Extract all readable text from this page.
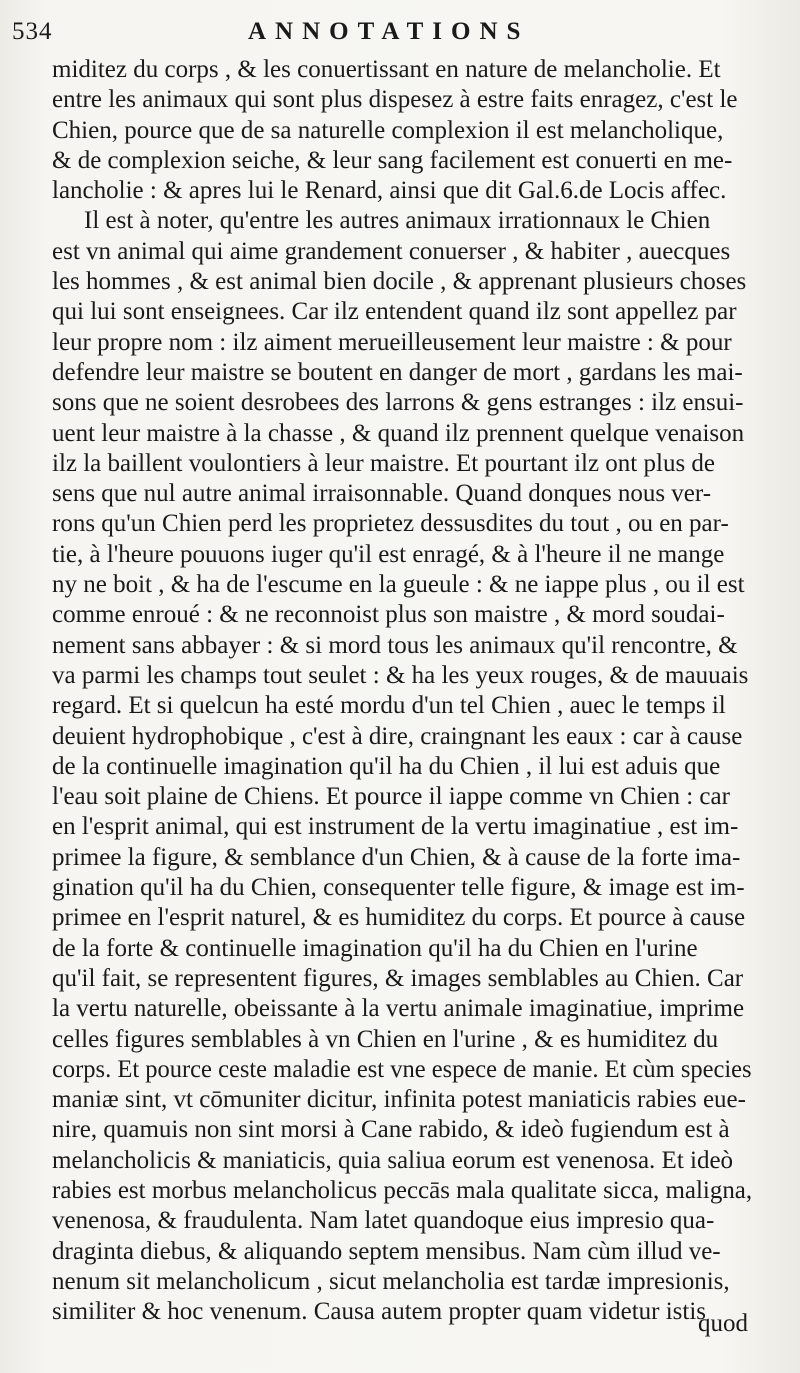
534	ANNOTATIONS
miditez du corps , & les conuertissant en nature de melancholie. Et
entre les animaux qui sont plus dispesez à estre faits enragez, c'est le
Chien, pource que de sa naturelle complexion il est melancholique,
& de complexion seiche, & leur sang facilement est conuerti en me-
lancholie : & apres lui le Renard, ainsi que dit Gal.6.de Locis affec.
Il est à noter, qu'entre les autres animaux irrationnaux le Chien
est vn animal qui aime grandement conuerser , & habiter , auecques
les hommes , & est animal bien docile , & apprenant plusieurs choses
qui lui sont enseignees. Car ilz entendent quand ilz sont appellez par
leur propre nom : ilz aiment merueilleusement leur maistre : & pour
defendre leur maistre se boutent en danger de mort , gardans les mai-
sons que ne soient desrobees des larrons & gens estranges : ilz ensui-
uent leur maistre à la chasse , & quand ilz prennent quelque venaison
ilz la baillent voulontiers à leur maistre. Et pourtant ilz ont plus de
sens que nul autre animal irraisonnable. Quand donques nous ver-
rons qu'un Chien perd les proprietez dessusdites du tout , ou en par-
tie, à l'heure pouuons iuger qu'il est enragé, & à l'heure il ne mange
ny ne boit , & ha de l'escume en la gueule : & ne iappe plus , ou il est
comme enroué : & ne reconnoist plus son maistre , & mord soudai-
nement sans abbayer : & si mord tous les animaux qu'il rencontre, &
va parmi les champs tout seulet : & ha les yeux rouges, & de mauuais
regard. Et si quelcun ha esté mordu d'un tel Chien , auec le temps il
deuient hydrophobique , c'est à dire, craingnant les eaux : car à cause
de la continuelle imagination qu'il ha du Chien , il lui est aduis que
l'eau soit plaine de Chiens. Et pource il iappe comme vn Chien : car
en l'esprit animal, qui est instrument de la vertu imaginatiue , est im-
primee la figure, & semblance d'un Chien, & à cause de la forte ima-
gination qu'il ha du Chien, consequenter telle figure, & image est im-
primee en l'esprit naturel, & es humiditez du corps. Et pource à cause
de la forte & continuelle imagination qu'il ha du Chien en l'urine
qu'il fait, se representent figures, & images semblables au Chien. Car
la vertu naturelle, obeissante à la vertu animale imaginatiue, imprime
celles figures semblables à vn Chien en l'urine , & es humiditez du
corps. Et pource ceste maladie est vne espece de manie. Et cùm species
maniæ sint, vt cōmuniter dicitur, infinita potest maniaticis rabies eue-
nire, quamuis non sint morsi à Cane rabido, & ideò fugiendum est à
melancholicis & maniaticis, quia saliua eorum est venenosa. Et ideò
rabies est morbus melancholicus peccās mala qualitate sicca, maligna,
venenosa, & fraudulenta. Nam latet quandoque eius impresio qua-
draginta diebus, & aliquando septem mensibus. Nam cùm illud ve-
nenum sit melancholicum , sicut melancholia est tardæ impresionis,
similiter & hoc venenum. Causa autem propter quam videtur istis
quod
